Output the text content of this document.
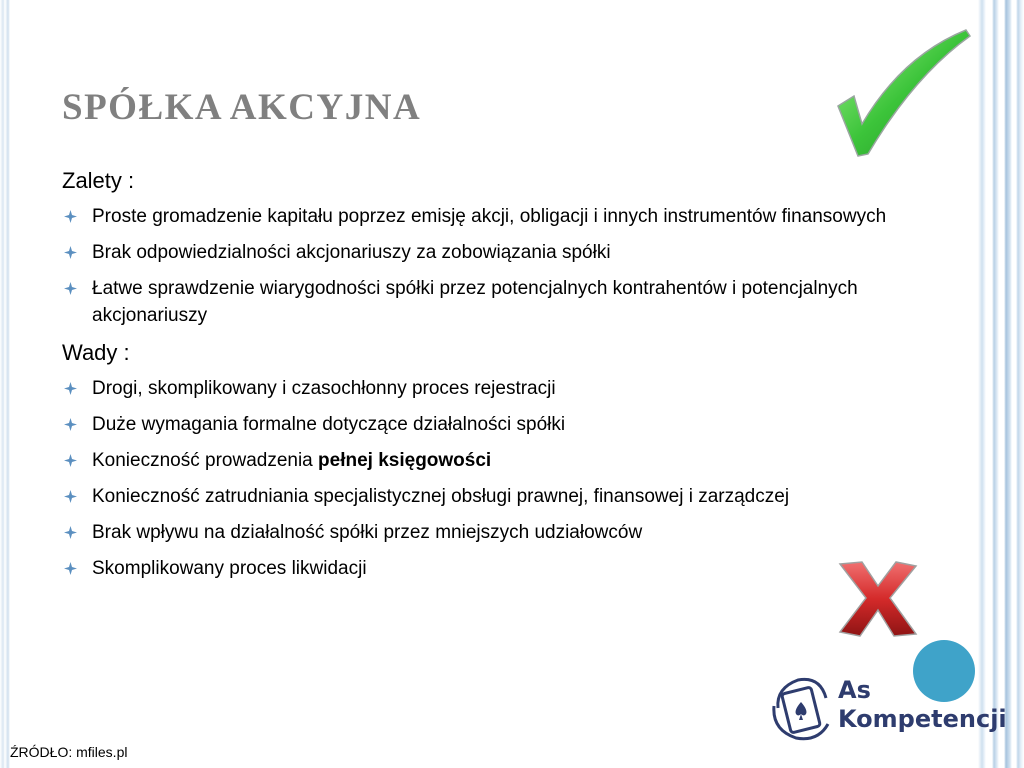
SPÓŁKA AKCYJNA
Zalety :
Proste gromadzenie kapitału poprzez emisję akcji, obligacji i innych instrumentów finansowych
Brak odpowiedzialności akcjonariuszy za zobowiązania spółki
Łatwe sprawdzenie wiarygodności spółki przez potencjalnych kontrahentów i potencjalnych akcjonariuszy
Wady :
Drogi, skomplikowany i czasochłonny proces rejestracji
Duże wymagania formalne dotyczące działalności spółki
Konieczność prowadzenia pełnej księgowości
Konieczność zatrudniania specjalistycznej obsługi prawnej, finansowej i zarządczej
Brak wpływu na działalność spółki przez mniejszych udziałowców
Skomplikowany proces likwidacji
As
Kompetencji
ŹRÓDŁO: mfiles.pl
